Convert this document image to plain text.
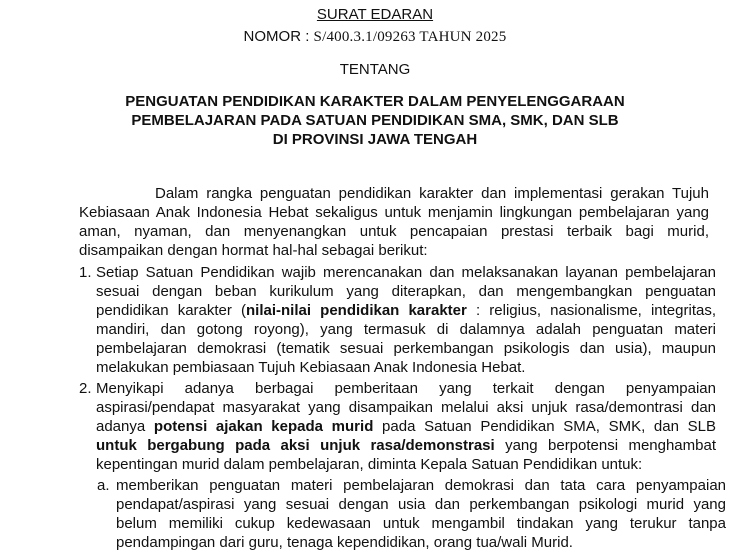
SURAT EDARAN
NOMOR : S/400.3.1/09263 TAHUN 2025
TENTANG
PENGUATAN PENDIDIKAN KARAKTER DALAM PENYELENGGARAAN
PEMBELAJARAN PADA SATUAN PENDIDIKAN SMA, SMK, DAN SLB
DI PROVINSI JAWA TENGAH
Dalam rangka penguatan pendidikan karakter dan implementasi gerakan Tujuh
Kebiasaan Anak Indonesia Hebat sekaligus untuk menjamin lingkungan pembelajaran yang
aman, nyaman, dan menyenangkan untuk pencapaian prestasi terbaik bagi murid,
disampaikan dengan hormat hal-hal sebagai berikut:
1. Setiap Satuan Pendidikan wajib merencanakan dan melaksanakan layanan pembelajaran
sesuai dengan beban kurikulum yang diterapkan, dan mengembangkan penguatan
pendidikan karakter (nilai-nilai pendidikan karakter : religius, nasionalisme, integritas,
mandiri, dan gotong royong), yang termasuk di dalamnya adalah penguatan materi
pembelajaran demokrasi (tematik sesuai perkembangan psikologis dan usia), maupun
melakukan pembiasaan Tujuh Kebiasaan Anak Indonesia Hebat.
2. Menyikapi adanya berbagai pemberitaan yang terkait dengan penyampaian
aspirasi/pendapat masyarakat yang disampaikan melalui aksi unjuk rasa/demontrasi dan
adanya potensi ajakan kepada murid pada Satuan Pendidikan SMA, SMK, dan SLB
untuk bergabung pada aksi unjuk rasa/demonstrasi yang berpotensi menghambat
kepentingan murid dalam pembelajaran, diminta Kepala Satuan Pendidikan untuk:
a. memberikan penguatan materi pembelajaran demokrasi dan tata cara penyampaian
pendapat/aspirasi yang sesuai dengan usia dan perkembangan psikologi murid yang
belum memiliki cukup kedewasaan untuk mengambil tindakan yang terukur tanpa
pendampingan dari guru, tenaga kependidikan, orang tua/wali Murid.
